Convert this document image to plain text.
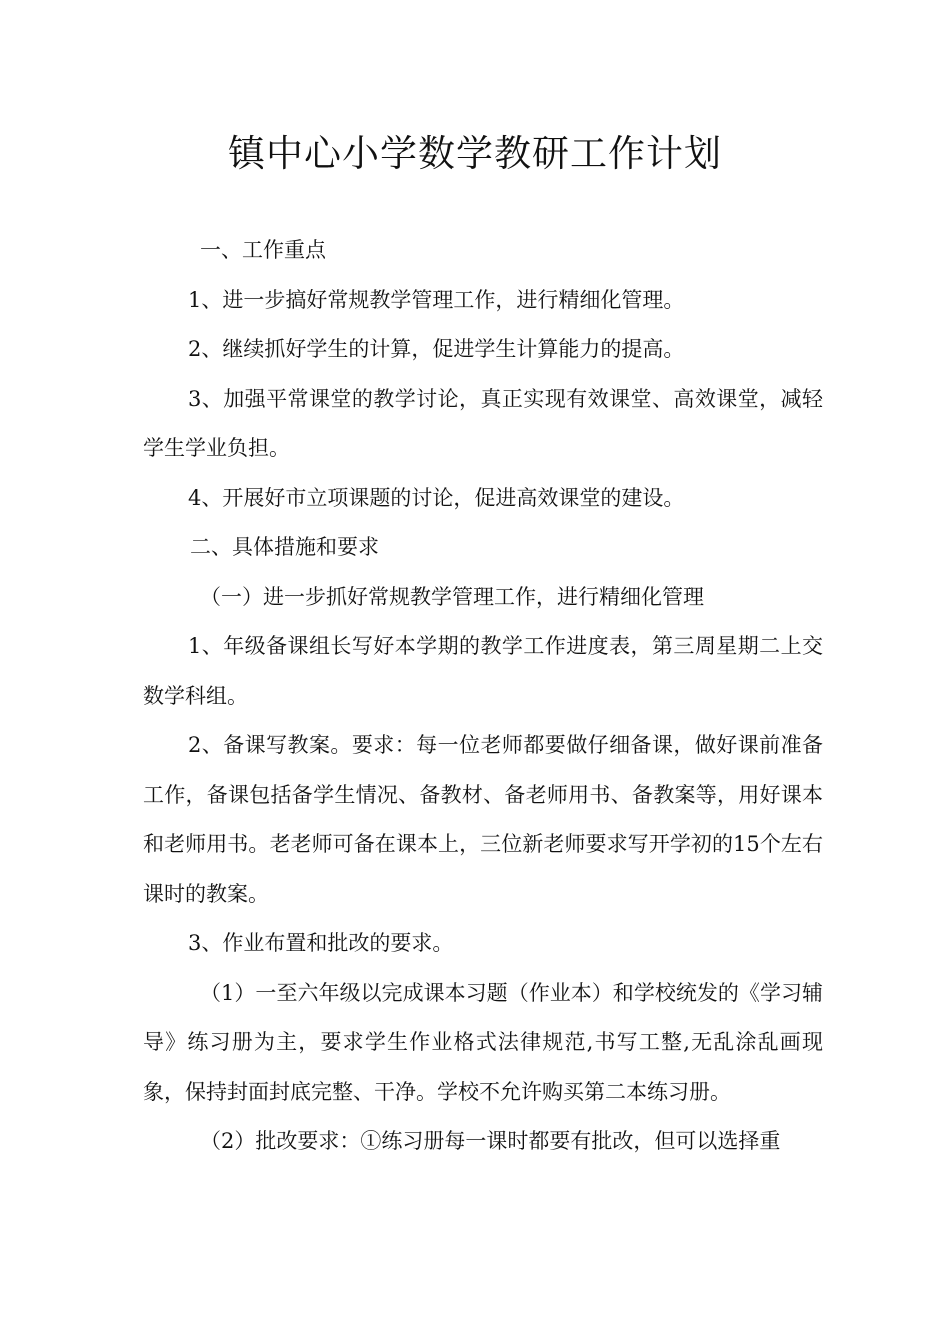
镇中心小学数学教研工作计划

一、工作重点

1、进一步搞好常规教学管理工作，进行精细化管理。

2、继续抓好学生的计算，促进学生计算能力的提高。

3、加强平常课堂的教学讨论，真正实现有效课堂、高效课堂，减轻学生学业负担。

4、开展好市立项课题的讨论，促进高效课堂的建设。

二、具体措施和要求

（一）进一步抓好常规教学管理工作，进行精细化管理

1、年级备课组长写好本学期的教学工作进度表，第三周星期二上交数学科组。

2、备课写教案。要求：每一位老师都要做仔细备课，做好课前准备工作，备课包括备学生情况、备教材、备老师用书、备教案等，用好课本和老师用书。老老师可备在课本上，三位新老师要求写开学初的15个左右课时的教案。

3、作业布置和批改的要求。

（1）一至六年级以完成课本习题（作业本）和学校统发的《学习辅导》练习册为主，要求学生作业格式法律规范,书写工整,无乱涂乱画现象，保持封面封底完整、干净。学校不允许购买第二本练习册。

（2）批改要求：①练习册每一课时都要有批改，但可以选择重
